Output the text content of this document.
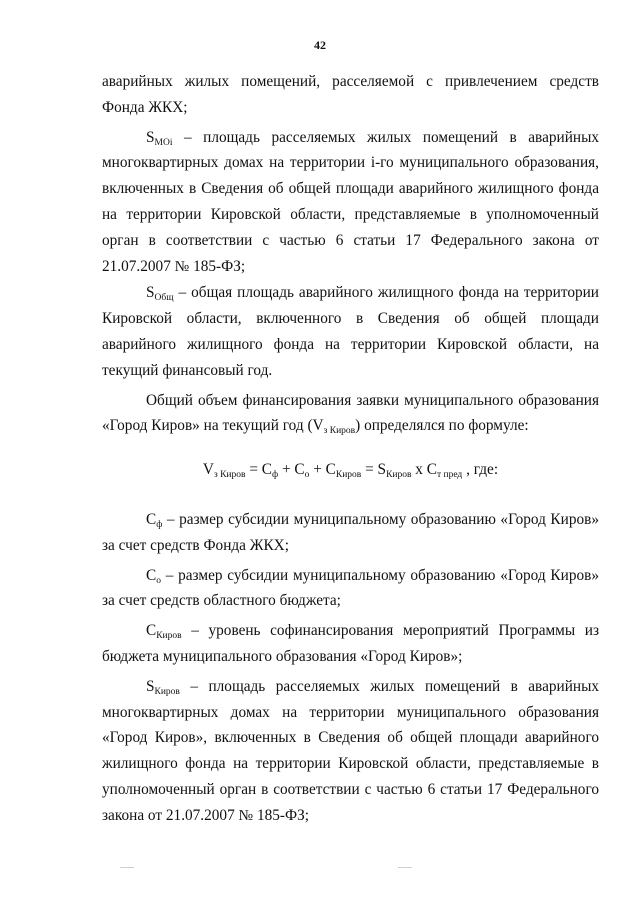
42

аварийных жилых помещений, расселяемой с привлечением средств

Фонда ЖКХ;

$S_{MOi}$ – площадь расселяемых жилых помещений в аварийных многоквартирных домах на территории i-го муниципального образования, включенных в Сведения об общей площади аварийного жилищного фонда на территории Кировской области, представляемые в уполномоченный орган в соответствии с частью 6 статьи 17 Федерального закона от 21.07.2007 № 185-ФЗ;

$S_{Общ}$ – общая площадь аварийного жилищного фонда на территории Кировской области, включенного в Сведения об общей площади аварийного жилищного фонда на территории Кировской области, на текущий финансовый год.

Общий объем финансирования заявки муниципального образования «Город Киров» на текущий год $(V_{з Киров})$ определялся по формуле:

$V_{з Киров} = C_ф + C_о + C_{Киров} = S_{Киров}$ x $C_{т пред}$ , где:

$C_ф$ – размер субсидии муниципальному образованию «Город Киров» за счет средств Фонда ЖКХ;

$C_о$ – размер субсидии муниципальному образованию «Город Киров» за счет средств областного бюджета;

$C_{Киров}$ – уровень софинансирования мероприятий Программы из бюджета муниципального образования «Город Киров»;

$S_{Киров}$ – площадь расселяемых жилых помещений в аварийных многоквартирных домах на территории муниципального образования «Город Киров», включенных в Сведения об общей площади аварийного жилищного фонда на территории Кировской области, представляемые в уполномоченный орган в соответствии с частью 6 статьи 17 Федерального закона от 21.07.2007 № 185-ФЗ;
